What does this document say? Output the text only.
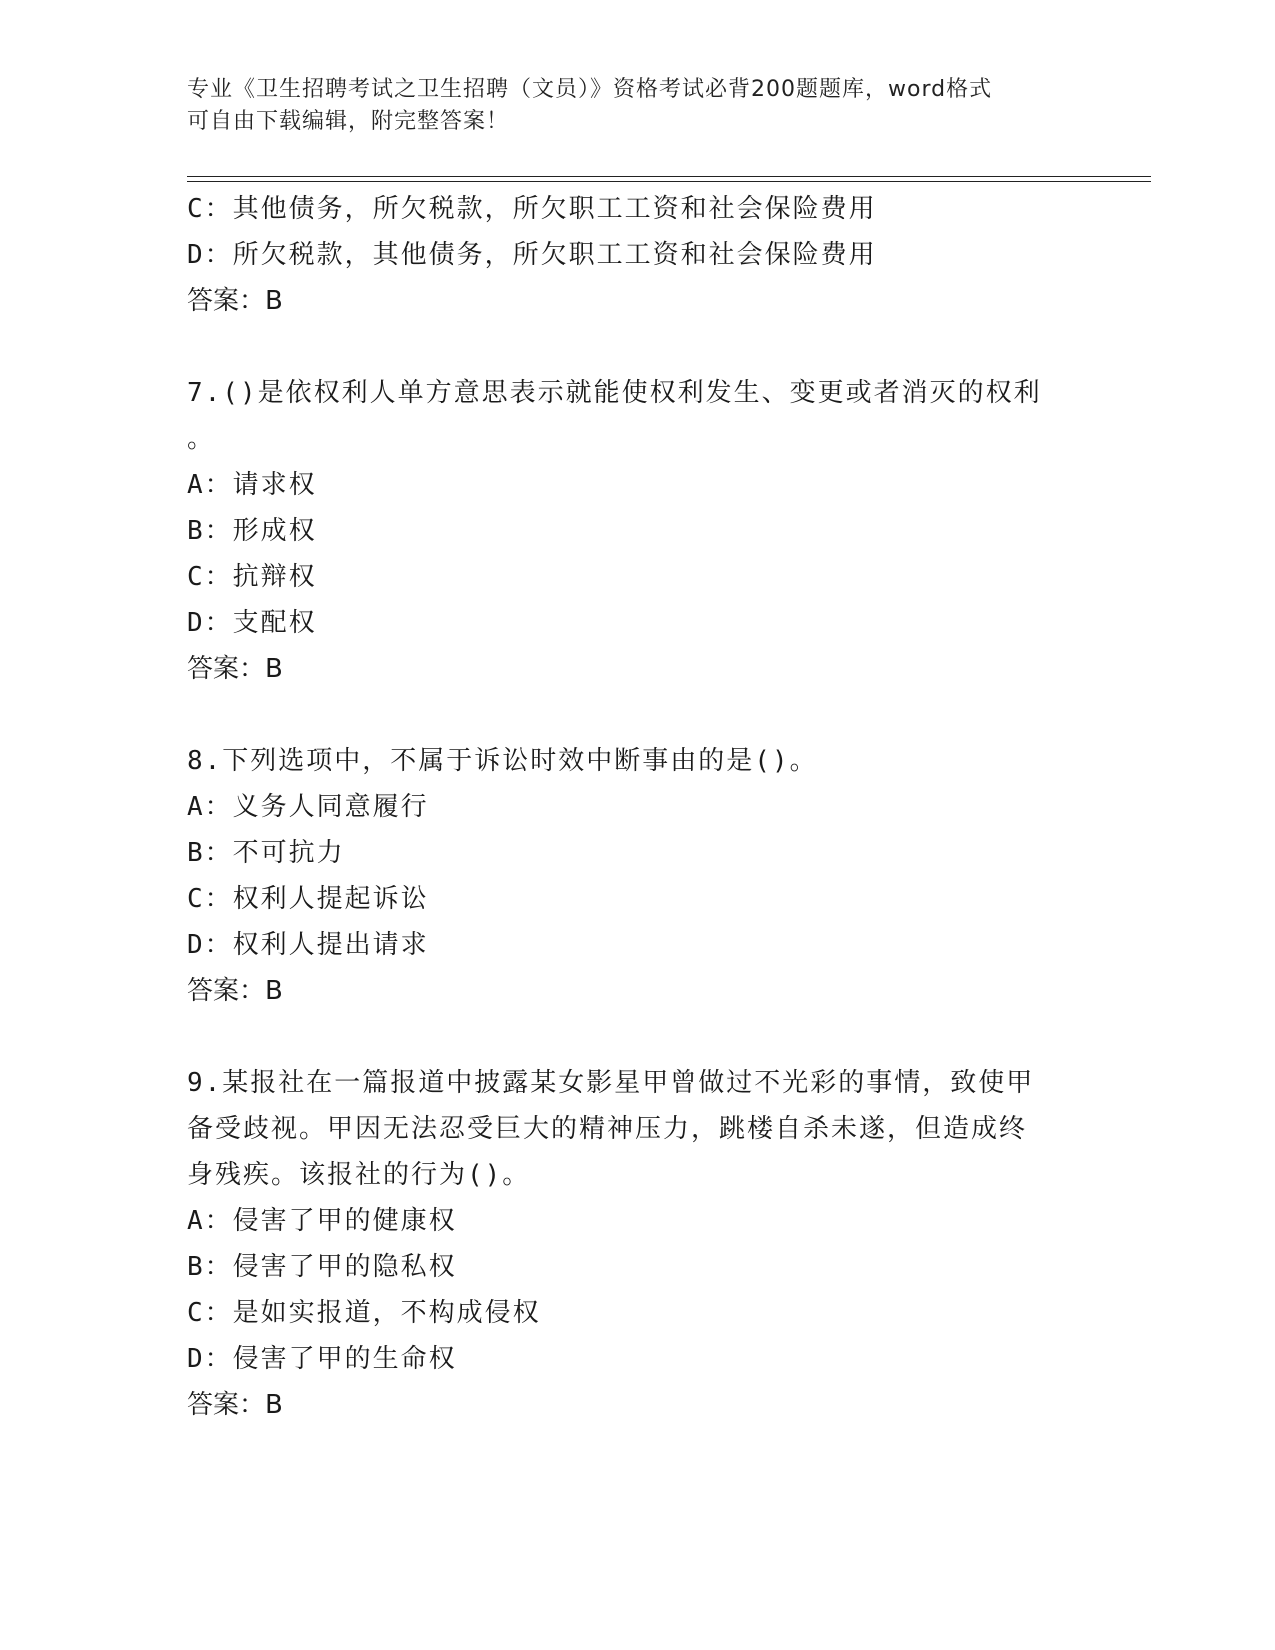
专业《卫生招聘考试之卫生招聘（文员）》资格考试必背200题题库，word格式
可自由下载编辑，附完整答案！
C：其他债务，所欠税款，所欠职工工资和社会保险费用
D：所欠税款，其他债务，所欠职工工资和社会保险费用
答案：B
7.()是依权利人单方意思表示就能使权利发生、变更或者消灭的权利
。
A：请求权
B：形成权
C：抗辩权
D：支配权
答案：B
8.下列选项中，不属于诉讼时效中断事由的是()。
A：义务人同意履行
B：不可抗力
C：权利人提起诉讼
D：权利人提出请求
答案：B
9.某报社在一篇报道中披露某女影星甲曾做过不光彩的事情，致使甲
备受歧视。甲因无法忍受巨大的精神压力，跳楼自杀未遂，但造成终
身残疾。该报社的行为()。
A：侵害了甲的健康权
B：侵害了甲的隐私权
C：是如实报道，不构成侵权
D：侵害了甲的生命权
答案：B
